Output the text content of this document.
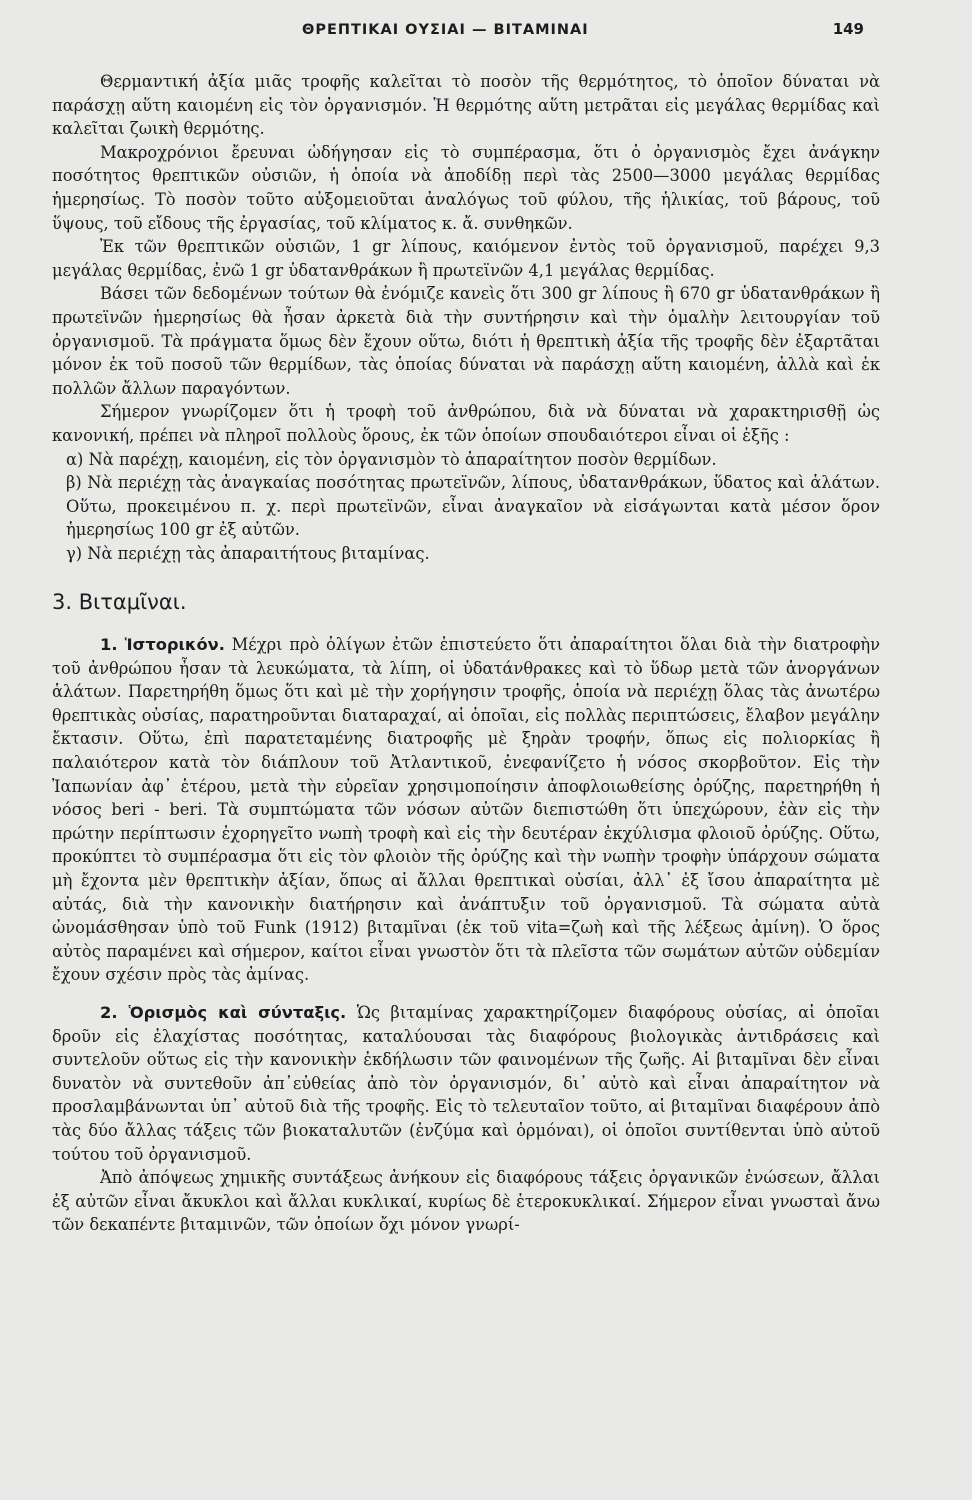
ΘΡΕΠΤΙΚΑΙ ΟΥΣΙΑΙ — ΒΙΤΑΜΙΝΑΙ	149

Θερμαντική ἀξία μιᾶς τροφῆς καλεῖται τὸ ποσὸν τῆς θερμότητος, τὸ ὁποῖον δύναται νὰ παράσχῃ αὕτη καιομένη εἰς τὸν ὀργανισμόν. Ἡ θερμότης αὕτη μετρᾶται εἰς μεγάλας θερμίδας καὶ καλεῖται ζωικὴ θερμότης.

Μακροχρόνιοι ἔρευναι ὡδήγησαν εἰς τὸ συμπέρασμα, ὅτι ὁ ὀργανισμὸς ἔχει ἀνάγκην ποσότητος θρεπτικῶν οὐσιῶν, ἡ ὁποία νὰ ἀποδίδῃ περὶ τὰς 2500—3000 μεγάλας θερμίδας ἡμερησίως. Τὸ ποσὸν τοῦτο αὐξομειοῦται ἀναλόγως τοῦ φύλου, τῆς ἡλικίας, τοῦ βάρους, τοῦ ὕψους, τοῦ εἴδους τῆς ἐργασίας, τοῦ κλίματος κ. ἄ. συνθηκῶν.

Ἐκ τῶν θρεπτικῶν οὐσιῶν, 1 gr λίπους, καιόμενον ἐντὸς τοῦ ὀργανισμοῦ, παρέχει 9,3 μεγάλας θερμίδας, ἐνῶ 1 gr ὑδατανθράκων ἢ πρωτεϊνῶν 4,1 μεγάλας θερμίδας.

Βάσει τῶν δεδομένων τούτων θὰ ἐνόμιζε κανεὶς ὅτι 300 gr λίπους ἢ 670 gr ὑδατανθράκων ἢ πρωτεϊνῶν ἡμερησίως θὰ ἦσαν ἀρκετὰ διὰ τὴν συντήρησιν καὶ τὴν ὁμαλὴν λειτουργίαν τοῦ ὀργανισμοῦ. Τὰ πράγματα ὅμως δὲν ἔχουν οὕτω, διότι ἡ θρεπτικὴ ἀξία τῆς τροφῆς δὲν ἐξαρτᾶται μόνον ἐκ τοῦ ποσοῦ τῶν θερμίδων, τὰς ὁποίας δύναται νὰ παράσχῃ αὕτη καιομένη, ἀλλὰ καὶ ἐκ πολλῶν ἄλλων παραγόντων.

Σήμερον γνωρίζομεν ὅτι ἡ τροφὴ τοῦ ἀνθρώπου, διὰ νὰ δύναται νὰ χαρακτηρισθῇ ὡς κανονική, πρέπει νὰ πληροῖ πολλοὺς ὅρους, ἐκ τῶν ὁποίων σπουδαιότεροι εἶναι οἱ ἑξῆς :

α) Νὰ παρέχῃ, καιομένη, εἰς τὸν ὀργανισμὸν τὸ ἀπαραίτητον ποσὸν θερμίδων.

β) Νὰ περιέχῃ τὰς ἀναγκαίας ποσότητας πρωτεϊνῶν, λίπους, ὑδατανθράκων, ὕδατος καὶ ἁλάτων. Οὕτω, προκειμένου π. χ. περὶ πρωτεϊνῶν, εἶναι ἀναγκαῖον νὰ εἰσάγωνται κατὰ μέσον ὅρον ἡμερησίως 100 gr ἐξ αὐτῶν.

γ) Νὰ περιέχῃ τὰς ἀπαραιτήτους βιταμίνας.

3. Βιταμῖναι.

1. Ἱστορικόν. Μέχρι πρὸ ὀλίγων ἐτῶν ἐπιστεύετο ὅτι ἀπαραίτητοι ὅλαι διὰ τὴν διατροφὴν τοῦ ἀνθρώπου ἦσαν τὰ λευκώματα, τὰ λίπη, οἱ ὑδατάνθρακες καὶ τὸ ὕδωρ μετὰ τῶν ἀνοργάνων ἁλάτων. Παρετηρήθη ὅμως ὅτι καὶ μὲ τὴν χορήγησιν τροφῆς, ὁποία νὰ περιέχῃ ὅλας τὰς ἀνωτέρω θρεπτικὰς οὐσίας, παρατηροῦνται διαταραχαί, αἱ ὁποῖαι, εἰς πολλὰς περιπτώσεις, ἔλαβον μεγάλην ἔκτασιν. Οὕτω, ἐπὶ παρατεταμένης διατροφῆς μὲ ξηρὰν τροφήν, ὅπως εἰς πολιορκίας ἢ παλαιότερον κατὰ τὸν διάπλουν τοῦ Ἀτλαντικοῦ, ἐνεφανίζετο ἡ νόσος σκορβοῦτον. Εἰς τὴν Ἰαπωνίαν ἀφ᾽ ἑτέρου, μετὰ τὴν εὐρεῖαν χρησιμοποίησιν ἀποφλοιωθείσης ὀρύζης, παρετηρήθη ἡ νόσος beri - beri. Τὰ συμπτώματα τῶν νόσων αὐτῶν διεπιστώθη ὅτι ὑπεχώρουν, ἐὰν εἰς τὴν πρώτην περίπτωσιν ἐχορηγεῖτο νωπὴ τροφὴ καὶ εἰς τὴν δευτέραν ἐκχύλισμα φλοιοῦ ὀρύζης. Οὕτω, προκύπτει τὸ συμπέρασμα ὅτι εἰς τὸν φλοιὸν τῆς ὀρύζης καὶ τὴν νωπὴν τροφὴν ὑπάρχουν σώματα μὴ ἔχοντα μὲν θρεπτικὴν ἀξίαν, ὅπως αἱ ἄλλαι θρεπτικαὶ οὐσίαι, ἀλλ᾽ ἐξ ἴσου ἀπαραίτητα μὲ αὐτάς, διὰ τὴν κανονικὴν διατήρησιν καὶ ἀνάπτυξιν τοῦ ὀργανισμοῦ. Τὰ σώματα αὐτὰ ὠνομάσθησαν ὑπὸ τοῦ Funk (1912) βιταμῖναι (ἐκ τοῦ vita=ζωὴ καὶ τῆς λέξεως ἀμίνη). Ὁ ὅρος αὐτὸς παραμένει καὶ σήμερον, καίτοι εἶναι γνωστὸν ὅτι τὰ πλεῖστα τῶν σωμάτων αὐτῶν οὐδεμίαν ἔχουν σχέσιν πρὸς τὰς ἀμίνας.

2. Ὁρισμὸς καὶ σύνταξις. Ὡς βιταμίνας χαρακτηρίζομεν διαφόρους οὐσίας, αἱ ὁποῖαι δροῦν εἰς ἐλαχίστας ποσότητας, καταλύουσαι τὰς διαφόρους βιολογικὰς ἀντιδράσεις καὶ συντελοῦν οὕτως εἰς τὴν κανονικὴν ἐκδήλωσιν τῶν φαινομένων τῆς ζωῆς. Αἱ βιταμῖναι δὲν εἶναι δυνατὸν νὰ συντεθοῦν ἀπ᾽εὐθείας ἀπὸ τὸν ὀργανισμόν, δι᾽ αὐτὸ καὶ εἶναι ἀπαραίτητον νὰ προσλαμβάνωνται ὑπ᾽ αὐτοῦ διὰ τῆς τροφῆς. Εἰς τὸ τελευταῖον τοῦτο, αἱ βιταμῖναι διαφέρουν ἀπὸ τὰς δύο ἄλλας τάξεις τῶν βιοκαταλυτῶν (ἐνζύμα καὶ ὁρμόναι), οἱ ὁποῖοι συντίθενται ὑπὸ αὐτοῦ τούτου τοῦ ὀργανισμοῦ.

Ἀπὸ ἀπόψεως χημικῆς συντάξεως ἀνήκουν εἰς διαφόρους τάξεις ὀργανικῶν ἐνώσεων, ἄλλαι ἐξ αὐτῶν εἶναι ἄκυκλοι καὶ ἄλλαι κυκλικαί, κυρίως δὲ ἑτεροκυκλικαί. Σήμερον εἶναι γνωσταὶ ἄνω τῶν δεκαπέντε βιταμινῶν, τῶν ὁποίων ὄχι μόνον γνωρί-
